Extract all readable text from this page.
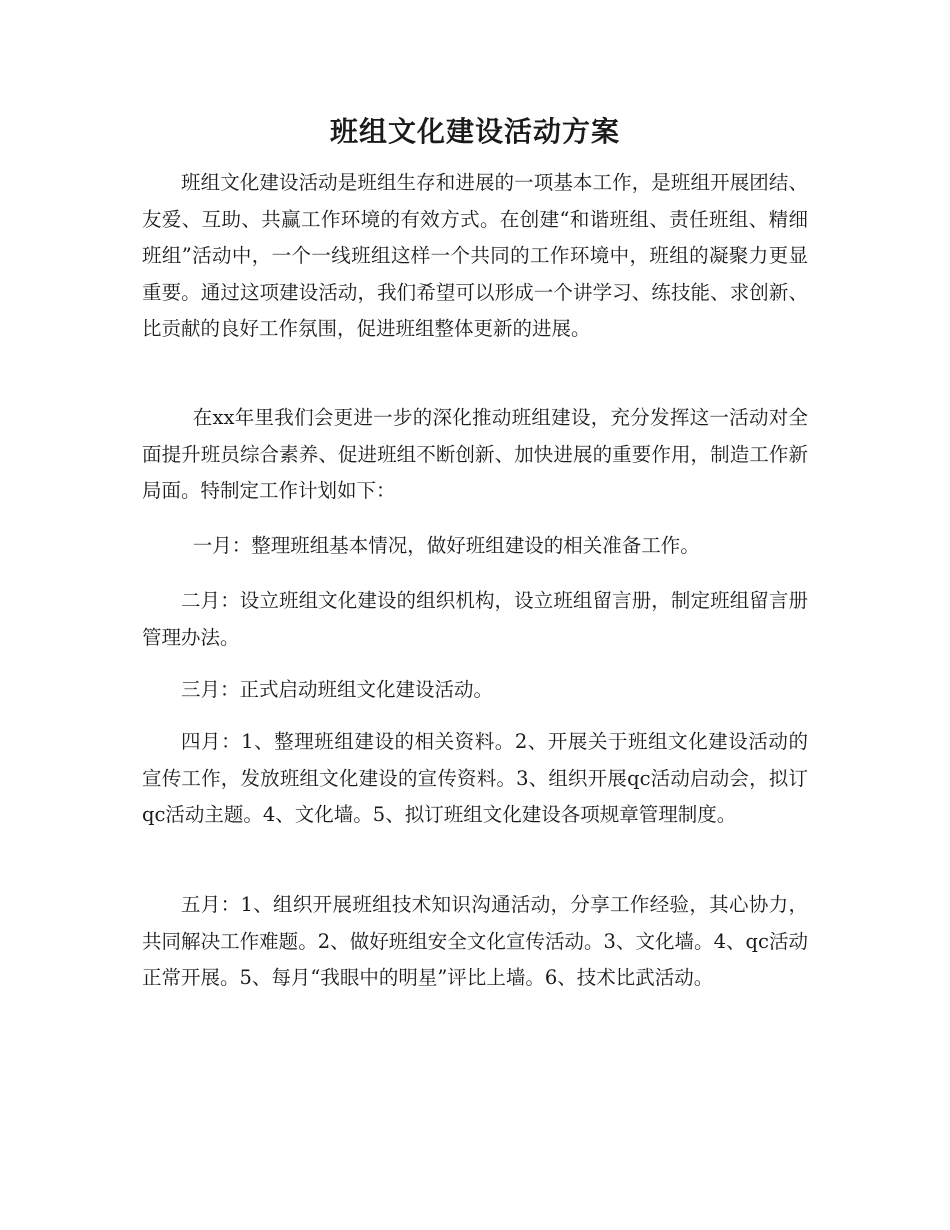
班组文化建设活动方案

班组文化建设活动是班组生存和进展的一项基本工作，是班组开展团结、友爱、互助、共赢工作环境的有效方式。在创建“和谐班组、责任班组、精细班组”活动中，一个一线班组这样一个共同的工作环境中，班组的凝聚力更显重要。通过这项建设活动，我们希望可以形成一个讲学习、练技能、求创新、比贡献的良好工作氛围，促进班组整体更新的进展。

在xx年里我们会更进一步的深化推动班组建设，充分发挥这一活动对全面提升班员综合素养、促进班组不断创新、加快进展的重要作用，制造工作新局面。特制定工作计划如下：

一月：整理班组基本情况，做好班组建设的相关准备工作。

二月：设立班组文化建设的组织机构，设立班组留言册，制定班组留言册管理办法。

三月：正式启动班组文化建设活动。

四月：1、整理班组建设的相关资料。2、开展关于班组文化建设活动的宣传工作，发放班组文化建设的宣传资料。3、组织开展qc活动启动会，拟订qc活动主题。4、文化墙。5、拟订班组文化建设各项规章管理制度。

五月：1、组织开展班组技术知识沟通活动，分享工作经验，其心协力，共同解决工作难题。2、做好班组安全文化宣传活动。3、文化墙。4、qc活动正常开展。5、每月“我眼中的明星”评比上墙。6、技术比武活动。
